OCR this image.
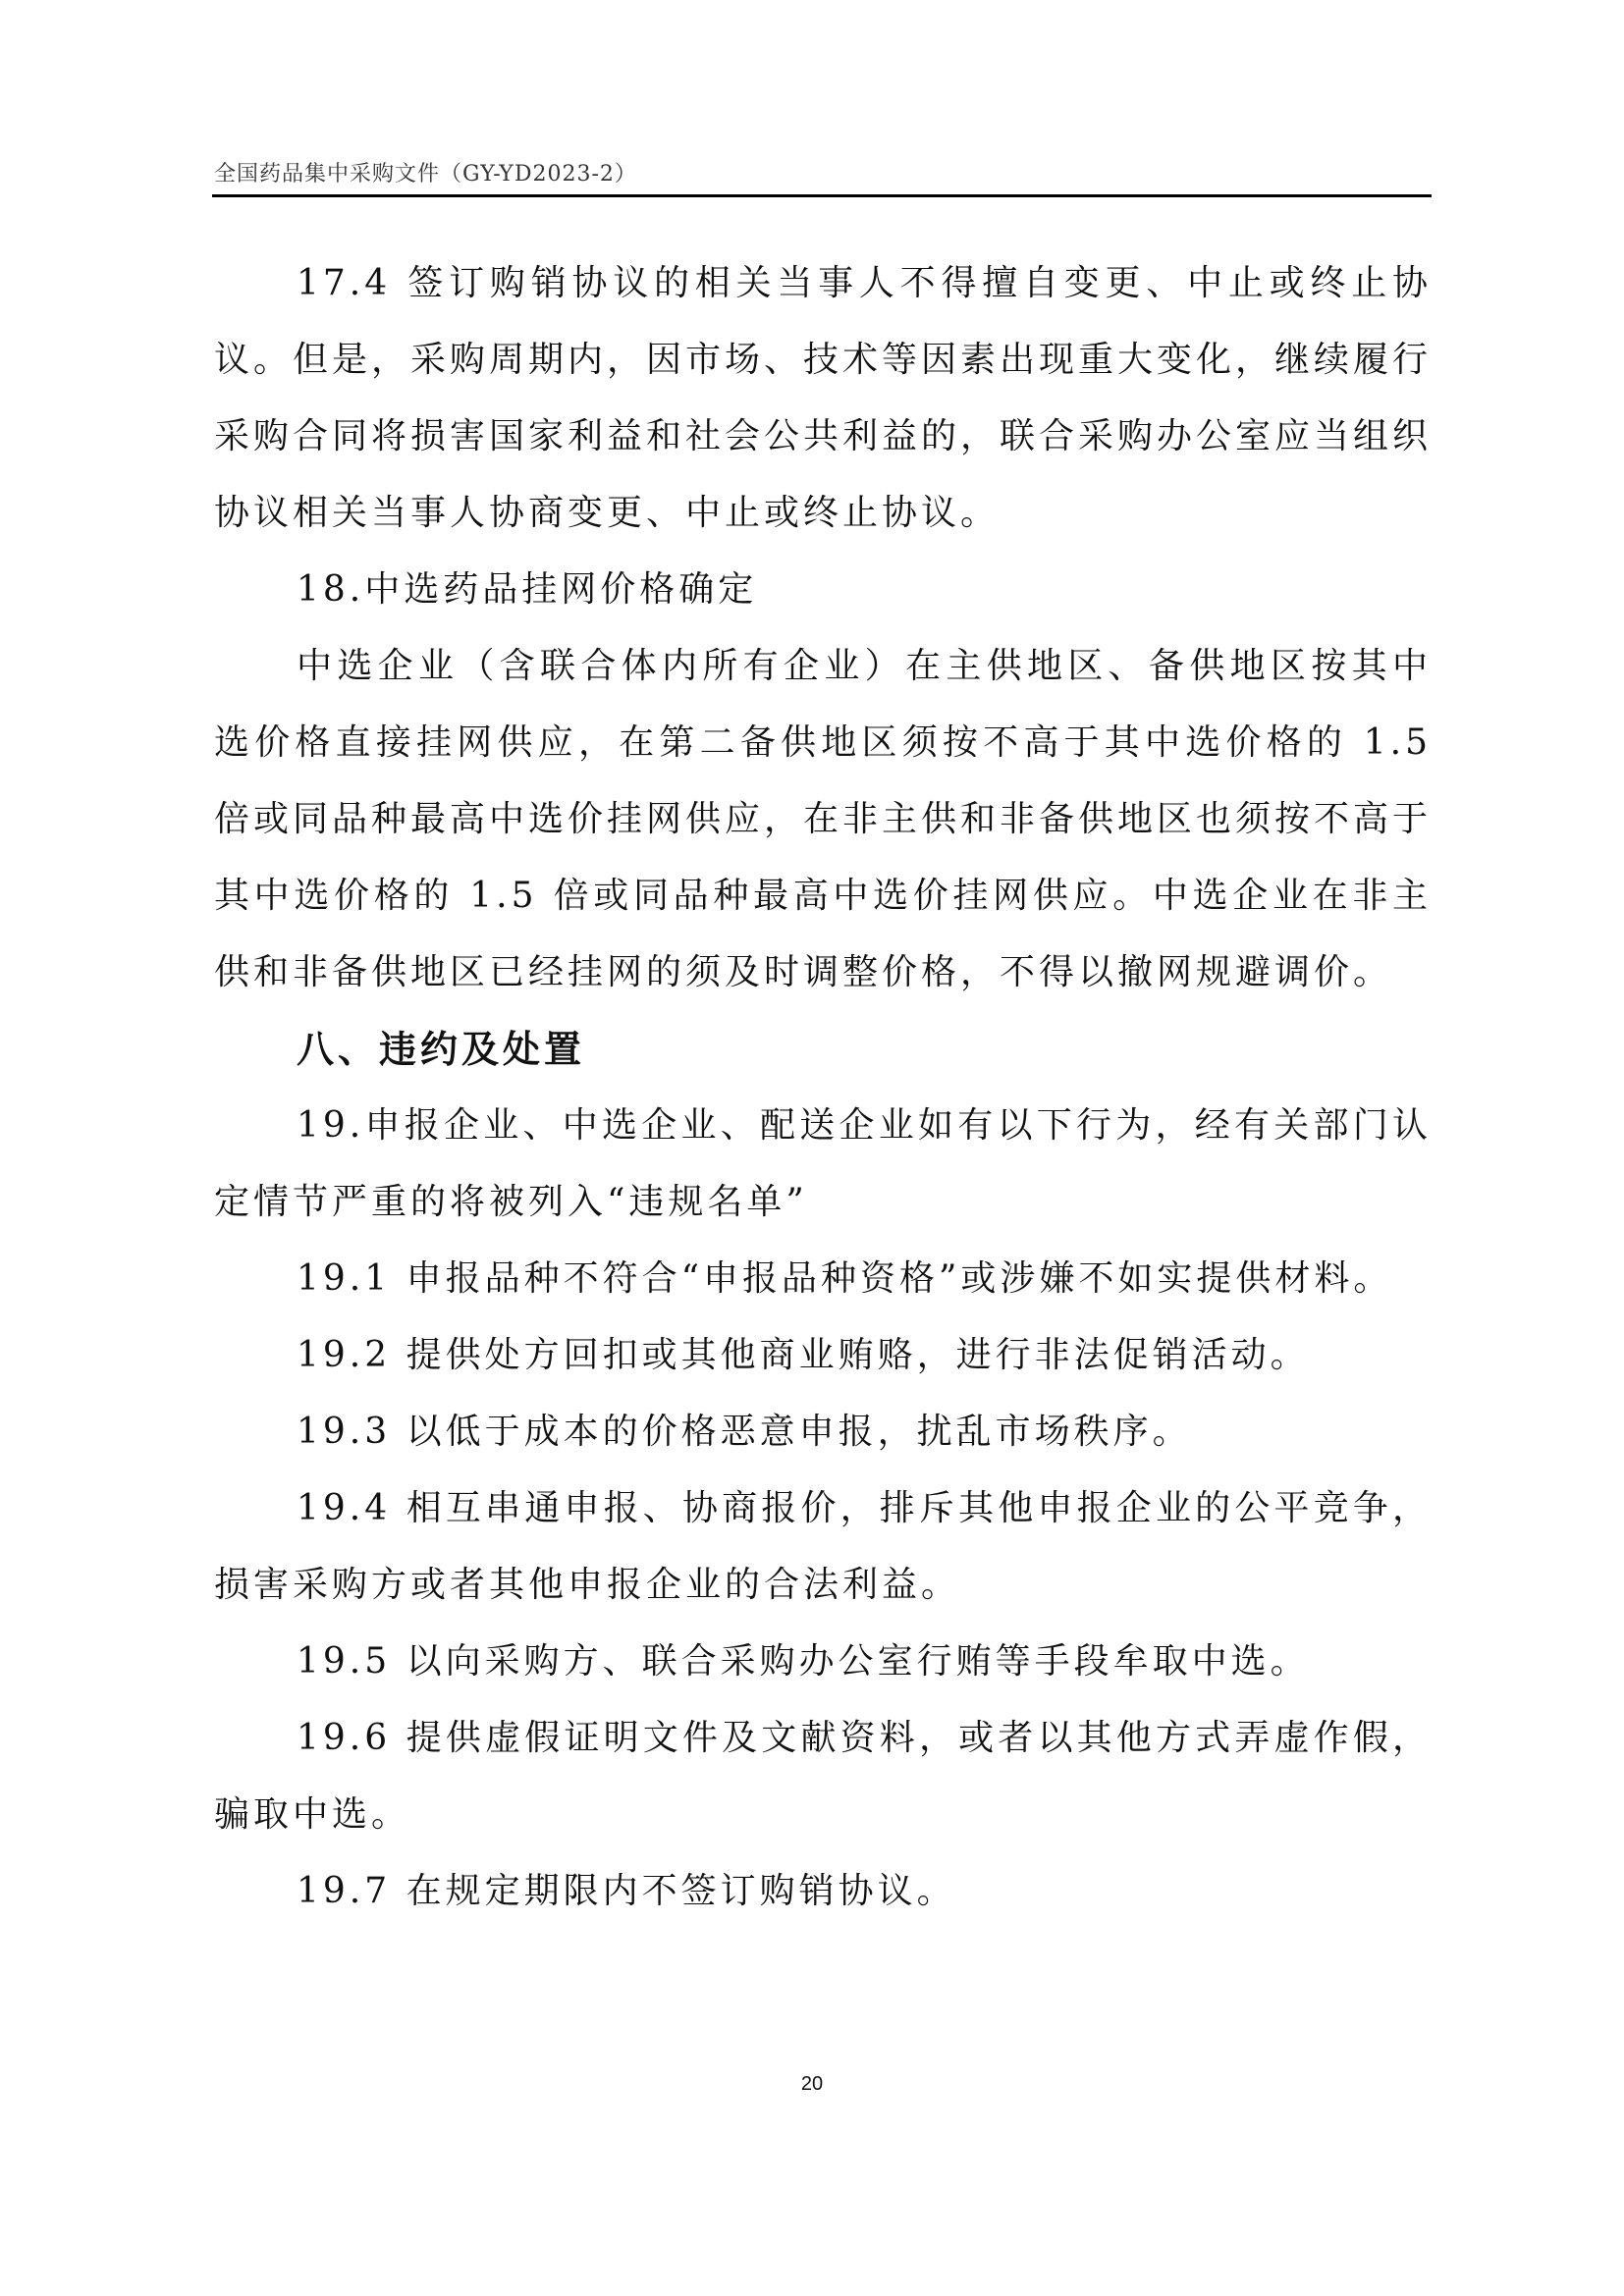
全国药品集中采购文件（GY-YD2023-2）

17.4 签订购销协议的相关当事人不得擅自变更、中止或终止协议。但是，采购周期内，因市场、技术等因素出现重大变化，继续履行采购合同将损害国家利益和社会公共利益的，联合采购办公室应当组织协议相关当事人协商变更、中止或终止协议。

18.中选药品挂网价格确定

中选企业（含联合体内所有企业）在主供地区、备供地区按其中选价格直接挂网供应，在第二备供地区须按不高于其中选价格的 1.5 倍或同品种最高中选价挂网供应，在非主供和非备供地区也须按不高于其中选价格的 1.5 倍或同品种最高中选价挂网供应。中选企业在非主供和非备供地区已经挂网的须及时调整价格，不得以撤网规避调价。

八、违约及处置

19.申报企业、中选企业、配送企业如有以下行为，经有关部门认定情节严重的将被列入“违规名单”

19.1 申报品种不符合“申报品种资格”或涉嫌不如实提供材料。

19.2 提供处方回扣或其他商业贿赂，进行非法促销活动。

19.3 以低于成本的价格恶意申报，扰乱市场秩序。

19.4 相互串通申报、协商报价，排斥其他申报企业的公平竞争，损害采购方或者其他申报企业的合法利益。

19.5 以向采购方、联合采购办公室行贿等手段牟取中选。

19.6 提供虚假证明文件及文献资料，或者以其他方式弄虚作假，骗取中选。

19.7 在规定期限内不签订购销协议。

20
